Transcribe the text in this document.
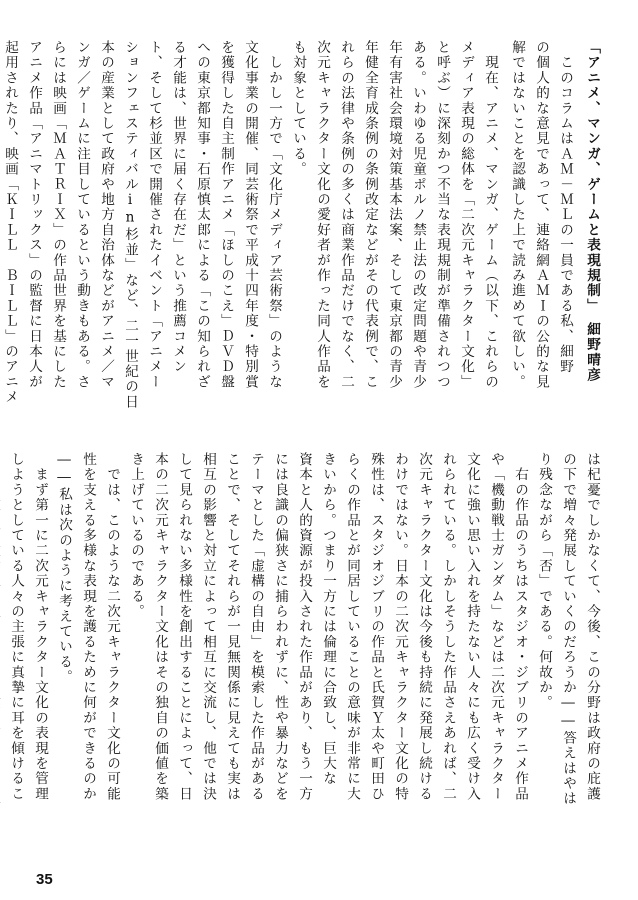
「アニメ、マンガ、ゲームと表現規制」　細野晴彦
　このコラムはＡＭ－ＭＬの一員である私、細野
の個人的な意見であって、連絡網ＡＭＩの公的な見
解ではないことを認識した上で読み進めて欲しい。
　現在、アニメ、マンガ、ゲーム（以下、これらの
メディア表現の総体を「二次元キャラクター文化」
と呼ぶ）に深刻かつ不当な表現規制が準備されつつ
ある。いわゆる児童ポルノ禁止法の改定問題や青少
年有害社会環境対策基本法案、そして東京都の青少
年健全育成条例の条例改定などがその代表例で、こ
れらの法律や条例の多くは商業作品だけでなく、二
次元キャラクター文化の愛好者が作った同人作品を
も対象としている。
　しかし一方で「文化庁メディア芸術祭」のような
文化事業の開催、同芸術祭で平成十四年度・特別賞
を獲得した自主制作アニメ「ほしのこえ」ＤＶＤ盤
への東京都知事・石原慎太郎による「この知られざ
る才能は、世界に届く存在だ」という推薦コメン
ト、そして杉並区で開催されたイベント「アニメー
ションフェスティバルin杉並」など、二一世紀の日
本の産業として政府や地方自治体などがアニメ／マ
ンガ／ゲームに注目しているという動きもある。さ
らには映画「ＭＡＴＲＩＸ」の作品世界を基にした
アニメ作品「アニマトリックス」の監督に日本人が
起用されたり、映画「ＫＩＬＬ　ＢＩＬＬ」のアニメ
は杞憂でしかなくて、今後、この分野は政府の庇護
の下で増々発展していくのだろうか――答えはやは
り残念ながら「否」である。何故か。
　右の作品のうちはスタジオ・ジブリのアニメ作品
や「機動戦士ガンダム」などは二次元キャラクター
文化に強い思い入れを持たない人々にも広く受け入
れられている。しかしそうした作品さえあれば、二
次元キャラクター文化は今後も持続に発展し続ける
わけではない。日本の二次元キャラクター文化の特
殊性は、スタジオジブリの作品と氏賀Ｙ太や町田ひ
らくの作品とが同居していることの意味が非常に大
きいから。つまり一方には倫理に合致し、巨大な
資本と人的資源が投入された作品があり、もう一方
には良識の偏狭さに捕らわれずに、性や暴力などを
テーマとした「虚構の自由」を模索した作品がある
ことで、そしてそれらが一見無関係に見えても実は
相互の影響と対立によって相互に交流し、他では決
して見られない多様性を創出することによって、日
本の二次元キャラクター文化はその独自の価値を築
き上げているのである。
　では、このような二次元キャラクター文化の可能
性を支える多様な表現を護るために何ができるのか
――私は次のように考えている。
　まず第一に二次元キャラクター文化の表現を管理
しようとしている人々の主張に真摯に耳を傾けるこ
35
